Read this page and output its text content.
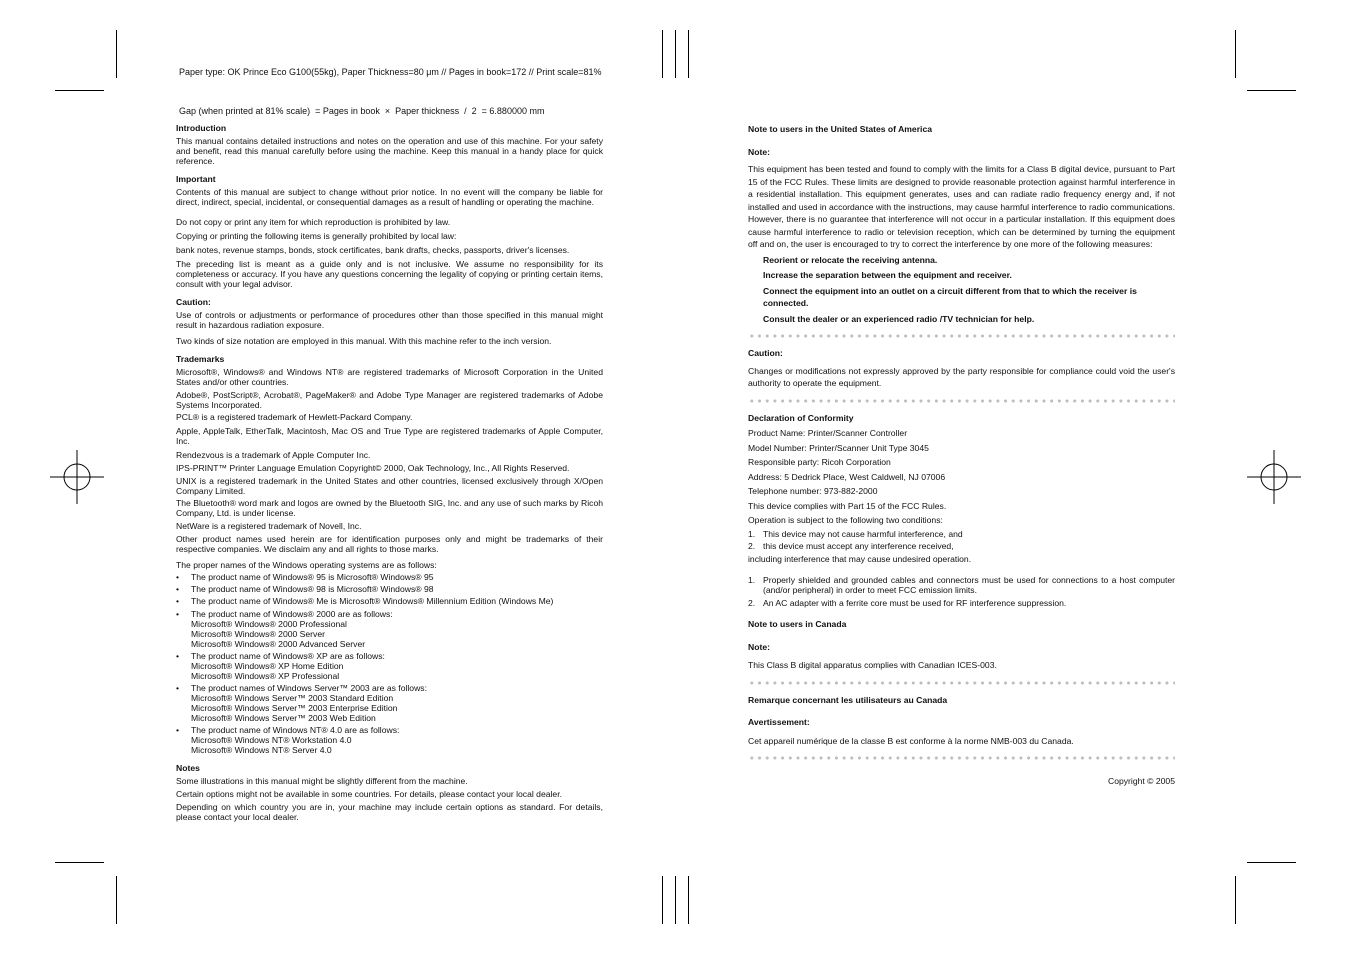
Paper type: OK Prince Eco G100(55kg), Paper Thickness=80 μm // Pages in book=172 // Print scale=81%

Gap (when printed at 81% scale)  = Pages in book  ×  Paper thickness  /  2  = 6.880000 mm

Introduction

This manual contains detailed instructions and notes on the operation and use of this machine. For your safety and benefit, read this manual carefully before using the machine. Keep this manual in a handy place for quick reference.

Important

Contents of this manual are subject to change without prior notice. In no event will the company be liable for direct, indirect, special, incidental, or consequential damages as a result of handling or operating the machine.

Do not copy or print any item for which reproduction is prohibited by law.

Copying or printing the following items is generally prohibited by local law:

bank notes, revenue stamps, bonds, stock certificates, bank drafts, checks, passports, driver's licenses.

The preceding list is meant as a guide only and is not inclusive. We assume no responsibility for its completeness or accuracy. If you have any questions concerning the legality of copying or printing certain items, consult with your legal advisor.

Caution:

Use of controls or adjustments or performance of procedures other than those specified in this manual might result in hazardous radiation exposure.

Two kinds of size notation are employed in this manual. With this machine refer to the inch version.

Trademarks

Microsoft®, Windows® and Windows NT® are registered trademarks of Microsoft Corporation in the United States and/or other countries.

Adobe®, PostScript®, Acrobat®, PageMaker® and Adobe Type Manager are registered trademarks of Adobe Systems Incorporated.

PCL® is a registered trademark of Hewlett-Packard Company.

Apple, AppleTalk, EtherTalk, Macintosh, Mac OS and True Type are registered trademarks of Apple Computer, Inc.

Rendezvous is a trademark of Apple Computer Inc.

IPS-PRINT™ Printer Language Emulation Copyright© 2000, Oak Technology, Inc., All Rights Reserved.

UNIX is a registered trademark in the United States and other countries, licensed exclusively through X/Open Company Limited.

The Bluetooth® word mark and logos are owned by the Bluetooth SIG, Inc. and any use of such marks by Ricoh Company, Ltd. is under license.

NetWare is a registered trademark of Novell, Inc.

Other product names used herein are for identification purposes only and might be trademarks of their respective companies. We disclaim any and all rights to those marks.

The proper names of the Windows operating systems are as follows:

• The product name of Windows® 95 is Microsoft® Windows® 95
• The product name of Windows® 98 is Microsoft® Windows® 98
• The product name of Windows® Me is Microsoft® Windows® Millennium Edition (Windows Me)
• The product name of Windows® 2000 are as follows:
Microsoft® Windows® 2000 Professional
Microsoft® Windows® 2000 Server
Microsoft® Windows® 2000 Advanced Server
• The product name of Windows® XP are as follows:
Microsoft® Windows® XP Home Edition
Microsoft® Windows® XP Professional
• The product names of Windows Server™ 2003 are as follows:
Microsoft® Windows Server™ 2003 Standard Edition
Microsoft® Windows Server™ 2003 Enterprise Edition
Microsoft® Windows Server™ 2003 Web Edition
• The product name of Windows NT® 4.0 are as follows:
Microsoft® Windows NT® Workstation 4.0
Microsoft® Windows NT® Server 4.0

Notes

Some illustrations in this manual might be slightly different from the machine.

Certain options might not be available in some countries. For details, please contact your local dealer.

Depending on which country you are in, your machine may include certain options as standard. For details, please contact your local dealer.

Note to users in the United States of America

Note:

This equipment has been tested and found to comply with the limits for a Class B digital device, pursuant to Part 15 of the FCC Rules. These limits are designed to provide reasonable protection against harmful interference in a residential installation. This equipment generates, uses and can radiate radio frequency energy and, if not installed and used in accordance with the instructions, may cause harmful interference to radio communications. However, there is no guarantee that interference will not occur in a particular installation. If this equipment does cause harmful interference to radio or television reception, which can be determined by turning the equipment off and on, the user is encouraged to try to correct the interference by one more of the following measures:

Reorient or relocate the receiving antenna.

Increase the separation between the equipment and receiver.

Connect the equipment into an outlet on a circuit different from that to which the receiver is connected.

Consult the dealer or an experienced radio /TV technician for help.

Caution:

Changes or modifications not expressly approved by the party responsible for compliance could void the user's authority to operate the equipment.

Declaration of Conformity

Product Name: Printer/Scanner Controller

Model Number: Printer/Scanner Unit Type 3045

Responsible party: Ricoh Corporation

Address: 5 Dedrick Place, West Caldwell, NJ 07006

Telephone number: 973-882-2000

This device complies with Part 15 of the FCC Rules.

Operation is subject to the following two conditions:

1. This device may not cause harmful interference, and
2. this device must accept any interference received,

including interference that may cause undesired operation.

1. Properly shielded and grounded cables and connectors must be used for connections to a host computer (and/or peripheral) in order to meet FCC emission limits.
2. An AC adapter with a ferrite core must be used for RF interference suppression.

Note to users in Canada

Note:

This Class B digital apparatus complies with Canadian ICES-003.

Remarque concernant les utilisateurs au Canada

Avertissement:

Cet appareil numérique de la classe B est conforme à la norme NMB-003 du Canada.

Copyright © 2005
